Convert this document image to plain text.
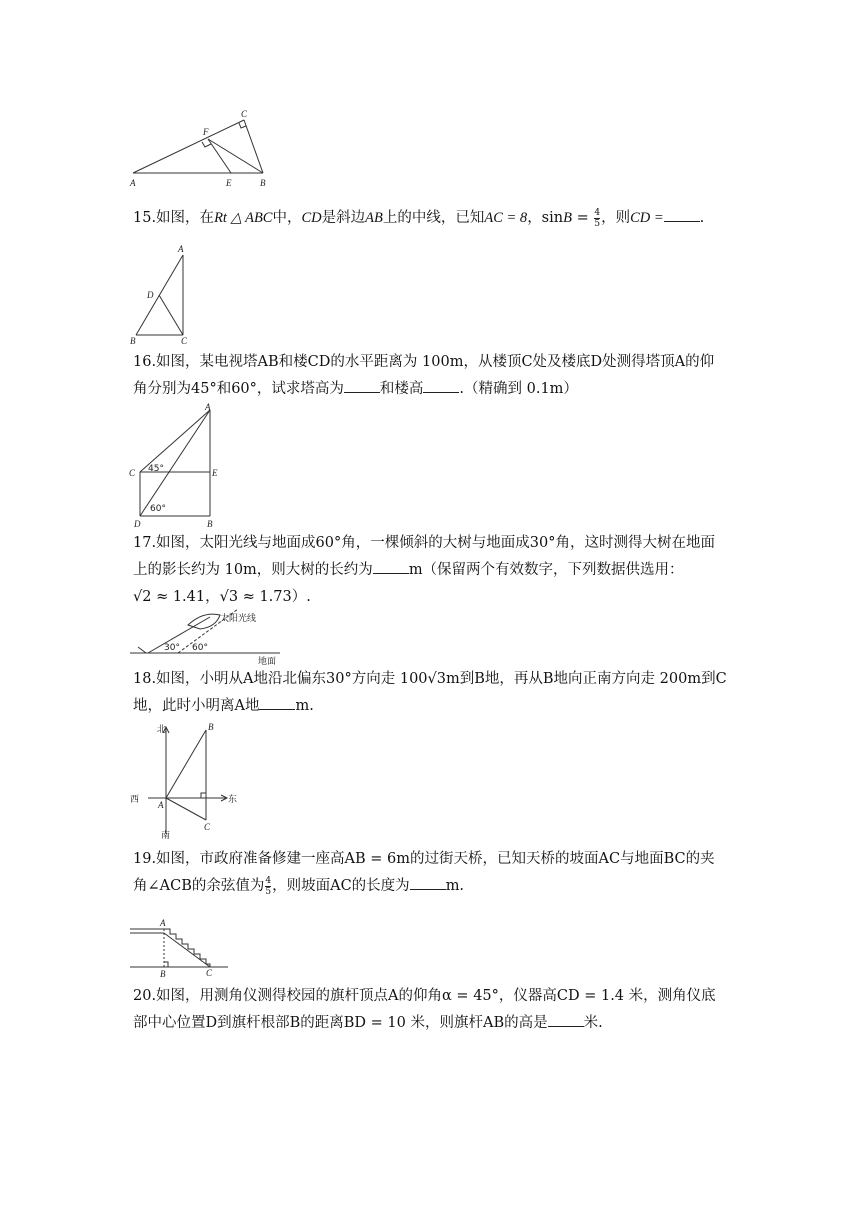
A	E	B
F
C
15.如图，在Rt △ ABC中，CD是斜边AB上的中线，已知AC = 8，$\sin B = \frac{4}{5}$ ，则CD = .
A
D
B	C
16.如图，某电视塔AB和楼CD的水平距离为 100m，从楼顶C处及楼底D处测得塔顶A的仰
角分别为45°和60°，试求塔高为 和楼高 .（精确到 0.1m）
A
C	E
D	B
45°
60°
17.如图，太阳光线与地面成60°角，一棵倾斜的大树与地面成30°角，这时测得大树在地面
上的影长约为 10m，则大树的长约为 m（保留两个有效数字，下列数据供选用：
√2 ≈ 1.41，√3 ≈ 1.73）.
太阳光线
30° 60°
地面
18.如图，小明从A地沿北偏东30°方向走 100√3m到B地，再从B地向正南方向走 200m到C
地，此时小明离A地 m.
北
西	东
南
A
B
C
19.如图，市政府准备修建一座高AB = 6m的过街天桥，已知天桥的坡面AC与地面BC的夹
角∠ACB的余弦值为 $\frac{4}{5}$ ，则坡面AC的长度为 m.
A
B	C
20.如图，用测角仪测得校园的旗杆顶点A的仰角α = 45°，仪器高CD = 1.4 米，测角仪底
部中心位置D到旗杆根部B的距离BD = 10 米，则旗杆AB的高是 米.
